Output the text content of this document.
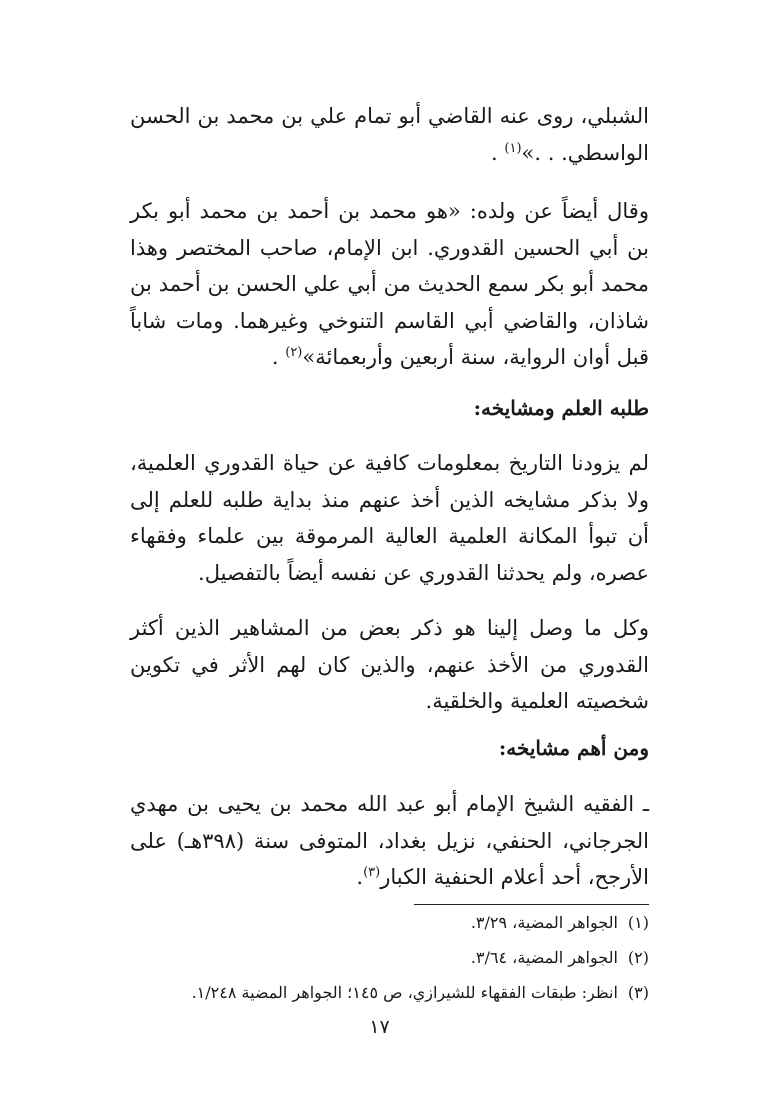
الشبلي، روى عنه القاضي أبو تمام علي بن محمد بن الحسن الواسطي. . .»$^{(١)}$ .

وقال أيضاً عن ولده: «هو محمد بن أحمد بن محمد أبو بكر بن أبي الحسين القدوري. ابن الإمام، صاحب المختصر وهذا محمد أبو بكر سمع الحديث من أبي علي الحسن بن أحمد بن شاذان، والقاضي أبي القاسم التنوخي وغيرهما. ومات شاباً قبل أوان الرواية، سنة أربعين وأربعمائة»$^{(٢)}$ .

طلبه العلم ومشايخه:

لم يزودنا التاريخ بمعلومات كافية عن حياة القدوري العلمية، ولا بذكر مشايخه الذين أخذ عنهم منذ بداية طلبه للعلم إلى أن تبوأ المكانة العلمية العالية المرموقة بين علماء وفقهاء عصره، ولم يحدثنا القدوري عن نفسه أيضاً بالتفصيل.

وكل ما وصل إلينا هو ذكر بعض من المشاهير الذين أكثر القدوري من الأخذ عنهم، والذين كان لهم الأثر في تكوين شخصيته العلمية والخلقية.

ومن أهم مشايخه:

ـ الفقيه الشيخ الإمام أبو عبد الله محمد بن يحيى بن مهدي الجرجاني، الحنفي، نزيل بغداد، المتوفى سنة (٣٩٨هـ) على الأرجح، أحد أعلام الحنفية الكبار$^{(٣)}$.

(١)الجواهر المضية، ٣/٢٩.

(٢)الجواهر المضية، ٣/٦٤.

(٣)انظر: طبقات الفقهاء للشيرازي، ص ١٤٥؛ الجواهر المضية ١/٢٤٨.

١٧
